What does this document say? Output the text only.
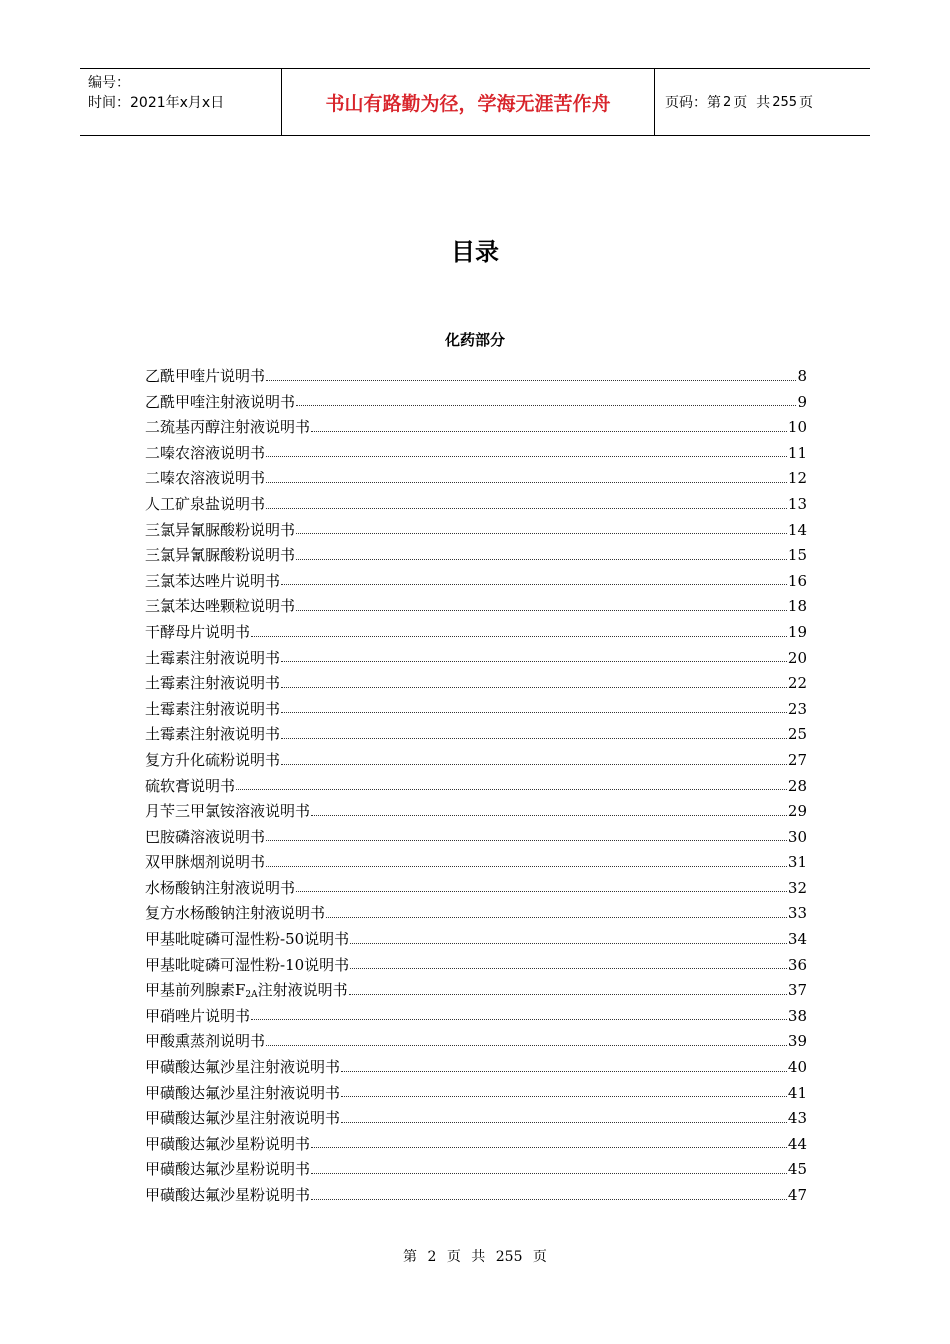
编号：
时间：2021年x月x日	书山有路勤为径，学海无涯苦作舟	页码：第 2 页  共 255 页
目录
化药部分
乙酰甲喹片说明书	8
乙酰甲喹注射液说明书	9
二巯基丙醇注射液说明书	10
二嗪农溶液说明书	11
二嗪农溶液说明书	12
人工矿泉盐说明书	13
三氯异氰脲酸粉说明书	14
三氯异氰脲酸粉说明书	15
三氯苯达唑片说明书	16
三氯苯达唑颗粒说明书	18
干酵母片说明书	19
土霉素注射液说明书	20
土霉素注射液说明书	22
土霉素注射液说明书	23
土霉素注射液说明书	25
复方升化硫粉说明书	27
硫软膏说明书	28
月苄三甲氯铵溶液说明书	29
巴胺磷溶液说明书	30
双甲脒烟剂说明书	31
水杨酸钠注射液说明书	32
复方水杨酸钠注射液说明书	33
甲基吡啶磷可湿性粉-50说明书	34
甲基吡啶磷可湿性粉-10说明书	36
甲基前列腺素$F_{2A}$注射液说明书	37
甲硝唑片说明书	38
甲酸熏蒸剂说明书	39
甲磺酸达氟沙星注射液说明书	40
甲磺酸达氟沙星注射液说明书	41
甲磺酸达氟沙星注射液说明书	43
甲磺酸达氟沙星粉说明书	44
甲磺酸达氟沙星粉说明书	45
甲磺酸达氟沙星粉说明书	47
第 2 页 共 255 页
